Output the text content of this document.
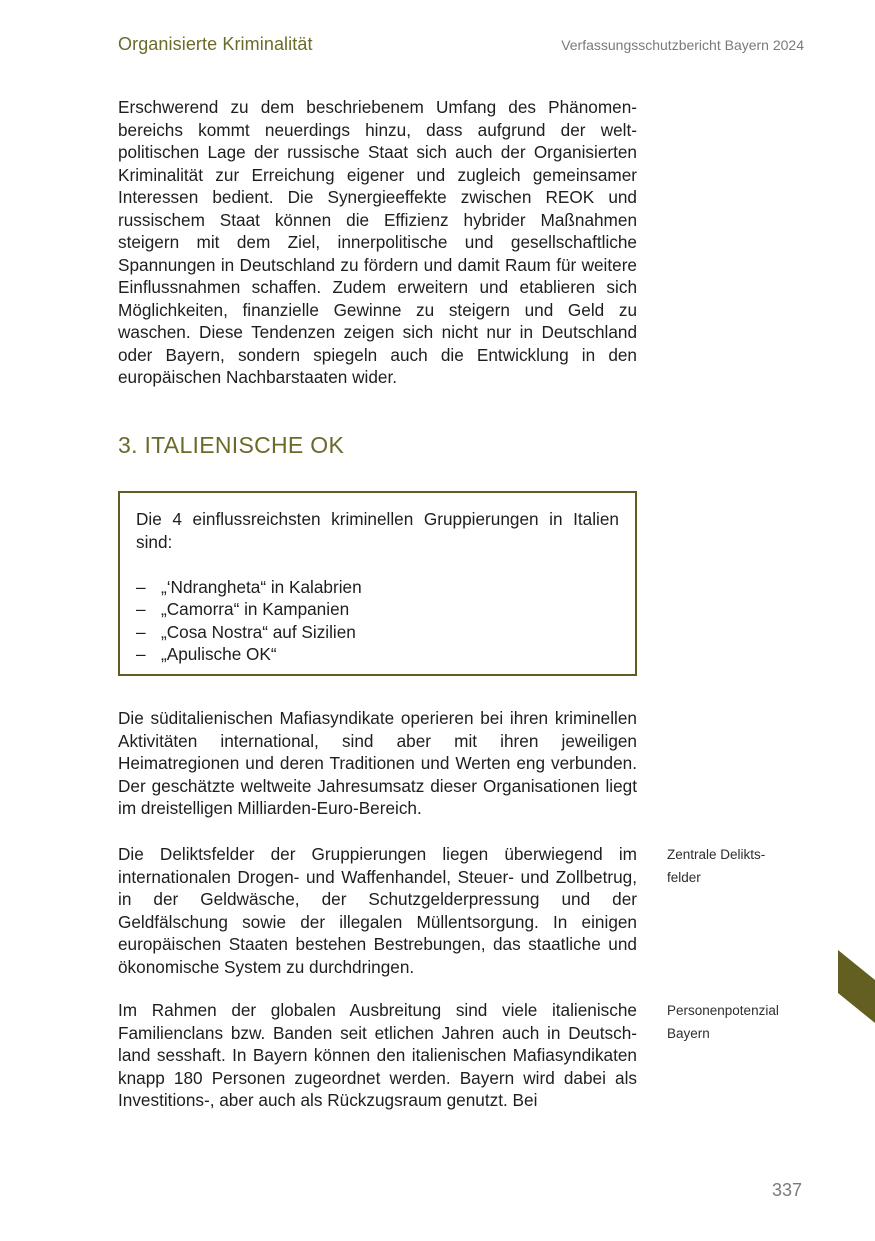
Organisierte Kriminalität	Verfassungsschutzbericht Bayern 2024

Erschwerend zu dem beschriebenem Umfang des Phänomenbereichs kommt neuerdings hinzu, dass aufgrund der weltpolitischen Lage der russische Staat sich auch der Organisierten Kriminalität zur Erreichung eigener und zugleich gemeinsamer Interessen bedient. Die Synergieeffekte zwischen REOK und russischem Staat können die Effizienz hybrider Maßnahmen steigern mit dem Ziel, innerpolitische und gesellschaftliche Spannungen in Deutschland zu fördern und damit Raum für weitere Einflussnahmen schaffen. Zudem erweitern und etablieren sich Möglichkeiten, finanzielle Gewinne zu steigern und Geld zu waschen. Diese Tendenzen zeigen sich nicht nur in Deutschland oder Bayern, sondern spiegeln auch die Entwicklung in den europäischen Nachbarstaaten wider.

3. ITALIENISCHE OK

Die 4 einflussreichsten kriminellen Gruppierungen in Italien sind:

– „‘Ndrangheta“ in Kalabrien
– „Camorra“ in Kampanien
– „Cosa Nostra“ auf Sizilien
– „Apulische OK“

Die süditalienischen Mafiasyndikate operieren bei ihren kriminellen Aktivitäten international, sind aber mit ihren jeweiligen Heimatregionen und deren Traditionen und Werten eng verbunden. Der geschätzte weltweite Jahresumsatz dieser Organisationen liegt im dreistelligen Milliarden-Euro-Bereich.

Die Deliktsfelder der Gruppierungen liegen überwiegend im internationalen Drogen- und Waffenhandel, Steuer- und Zollbetrug, in der Geldwäsche, der Schutzgelderpressung und der Geldfälschung sowie der illegalen Müllentsorgung. In einigen europäischen Staaten bestehen Bestrebungen, das staatliche und ökonomische System zu durchdringen.

Im Rahmen der globalen Ausbreitung sind viele italienische Familienclans bzw. Banden seit etlichen Jahren auch in Deutschland sesshaft. In Bayern können den italienischen Mafiasyndikaten knapp 180 Personen zugeordnet werden. Bayern wird dabei als Investitions-, aber auch als Rückzugsraum genutzt. Bei

Zentrale Delikts-
felder
Personenpotenzial
Bayern
337
